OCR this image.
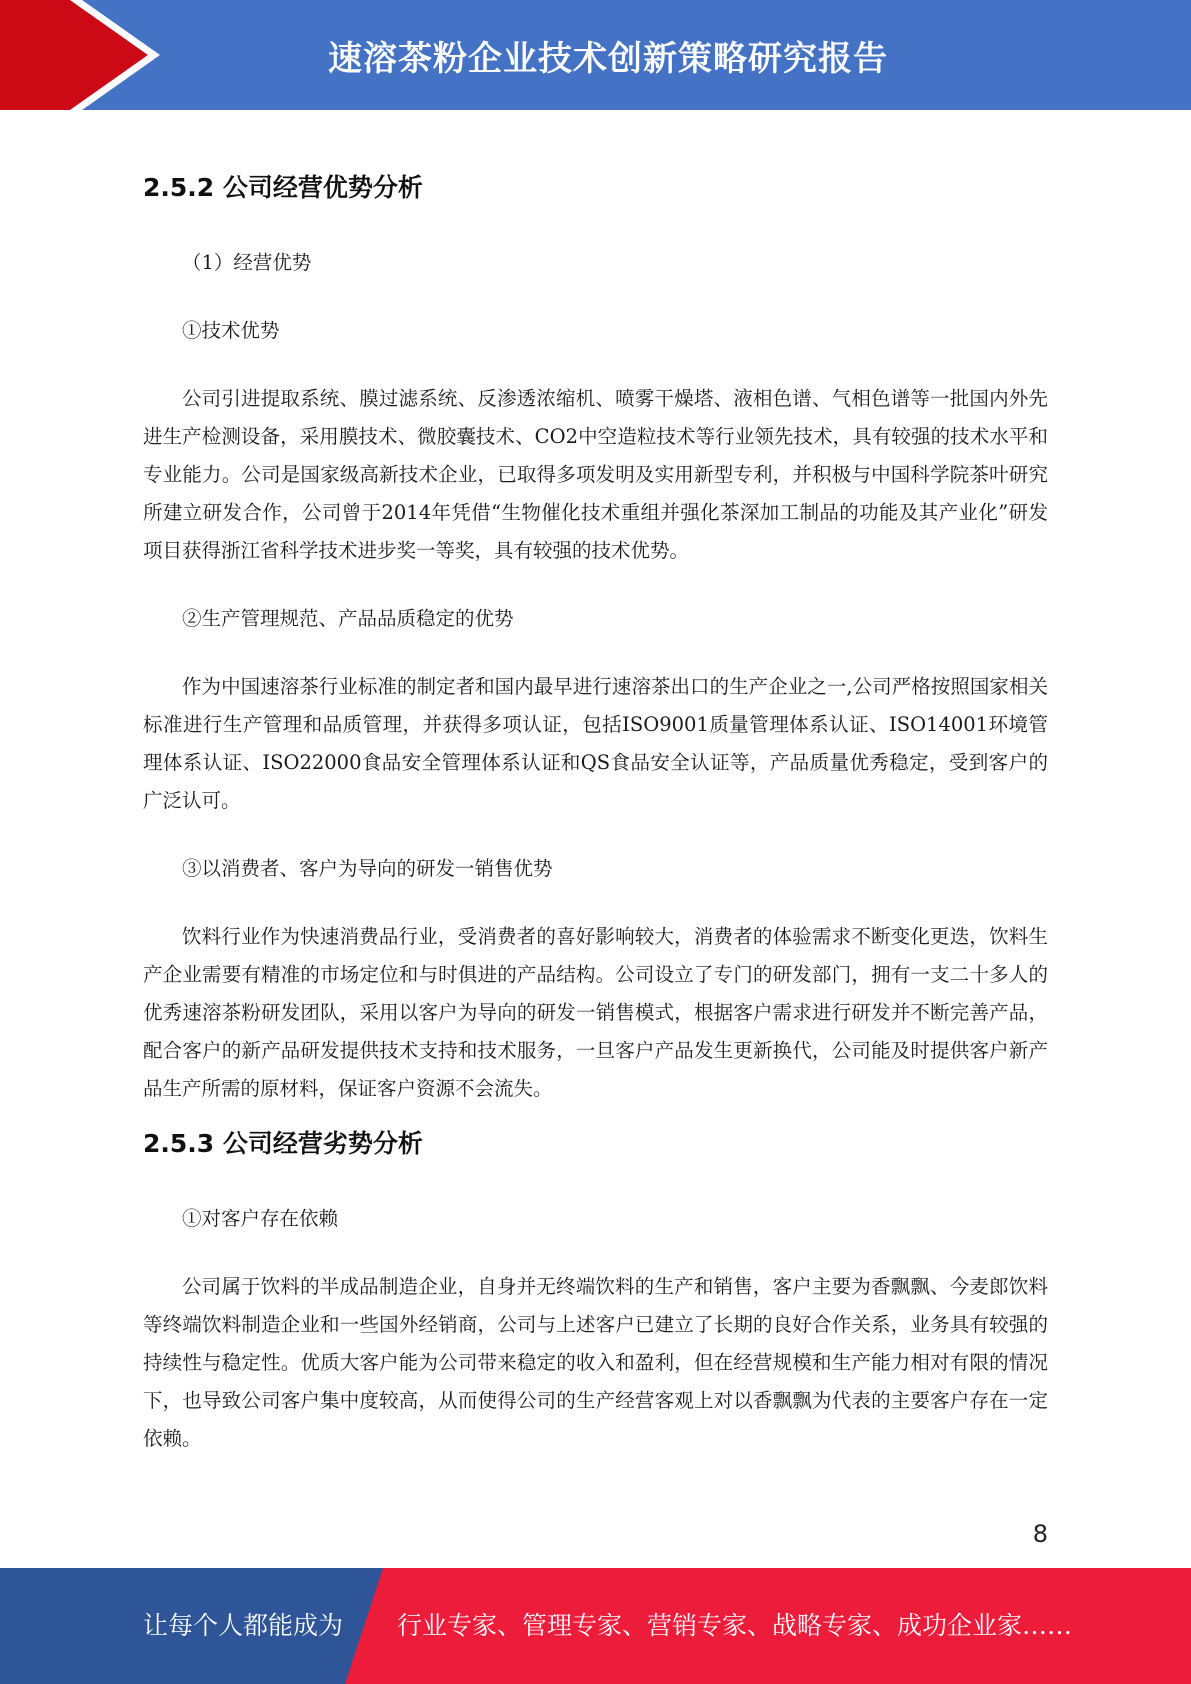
速溶茶粉企业技术创新策略研究报告
2.5.2 公司经营优势分析

（1）经营优势

①技术优势

公司引进提取系统、膜过滤系统、反渗透浓缩机、喷雾干燥塔、液相色谱、气相色谱等一批国内外先进生产检测设备，采用膜技术、微胶囊技术、CO2中空造粒技术等行业领先技术，具有较强的技术水平和专业能力。公司是国家级高新技术企业，已取得多项发明及实用新型专利，并积极与中国科学院茶叶研究所建立研发合作，公司曾于2014年凭借“生物催化技术重组并强化茶深加工制品的功能及其产业化”研发项目获得浙江省科学技术进步奖一等奖，具有较强的技术优势。

②生产管理规范、产品品质稳定的优势

作为中国速溶茶行业标准的制定者和国内最早进行速溶茶出口的生产企业之一,公司严格按照国家相关标准进行生产管理和品质管理，并获得多项认证，包括ISO9001质量管理体系认证、ISO14001环境管理体系认证、ISO22000食品安全管理体系认证和QS食品安全认证等，产品质量优秀稳定，受到客户的广泛认可。

③以消费者、客户为导向的研发一销售优势

饮料行业作为快速消费品行业，受消费者的喜好影响较大，消费者的体验需求不断变化更迭，饮料生产企业需要有精准的市场定位和与时俱进的产品结构。公司设立了专门的研发部门，拥有一支二十多人的优秀速溶茶粉研发团队，采用以客户为导向的研发一销售模式，根据客户需求进行研发并不断完善产品，配合客户的新产品研发提供技术支持和技术服务，一旦客户产品发生更新换代，公司能及时提供客户新产品生产所需的原材料，保证客户资源不会流失。

2.5.3 公司经营劣势分析

①对客户存在依赖

公司属于饮料的半成品制造企业，自身并无终端饮料的生产和销售，客户主要为香飘飘、今麦郎饮料等终端饮料制造企业和一些国外经销商，公司与上述客户已建立了长期的良好合作关系，业务具有较强的持续性与稳定性。优质大客户能为公司带来稳定的收入和盈利，但在经营规模和生产能力相对有限的情况下，也导致公司客户集中度较高，从而使得公司的生产经营客观上对以香飘飘为代表的主要客户存在一定依赖。

8
让每个人都能成为 行业专家、管理专家、营销专家、战略专家、成功企业家……
